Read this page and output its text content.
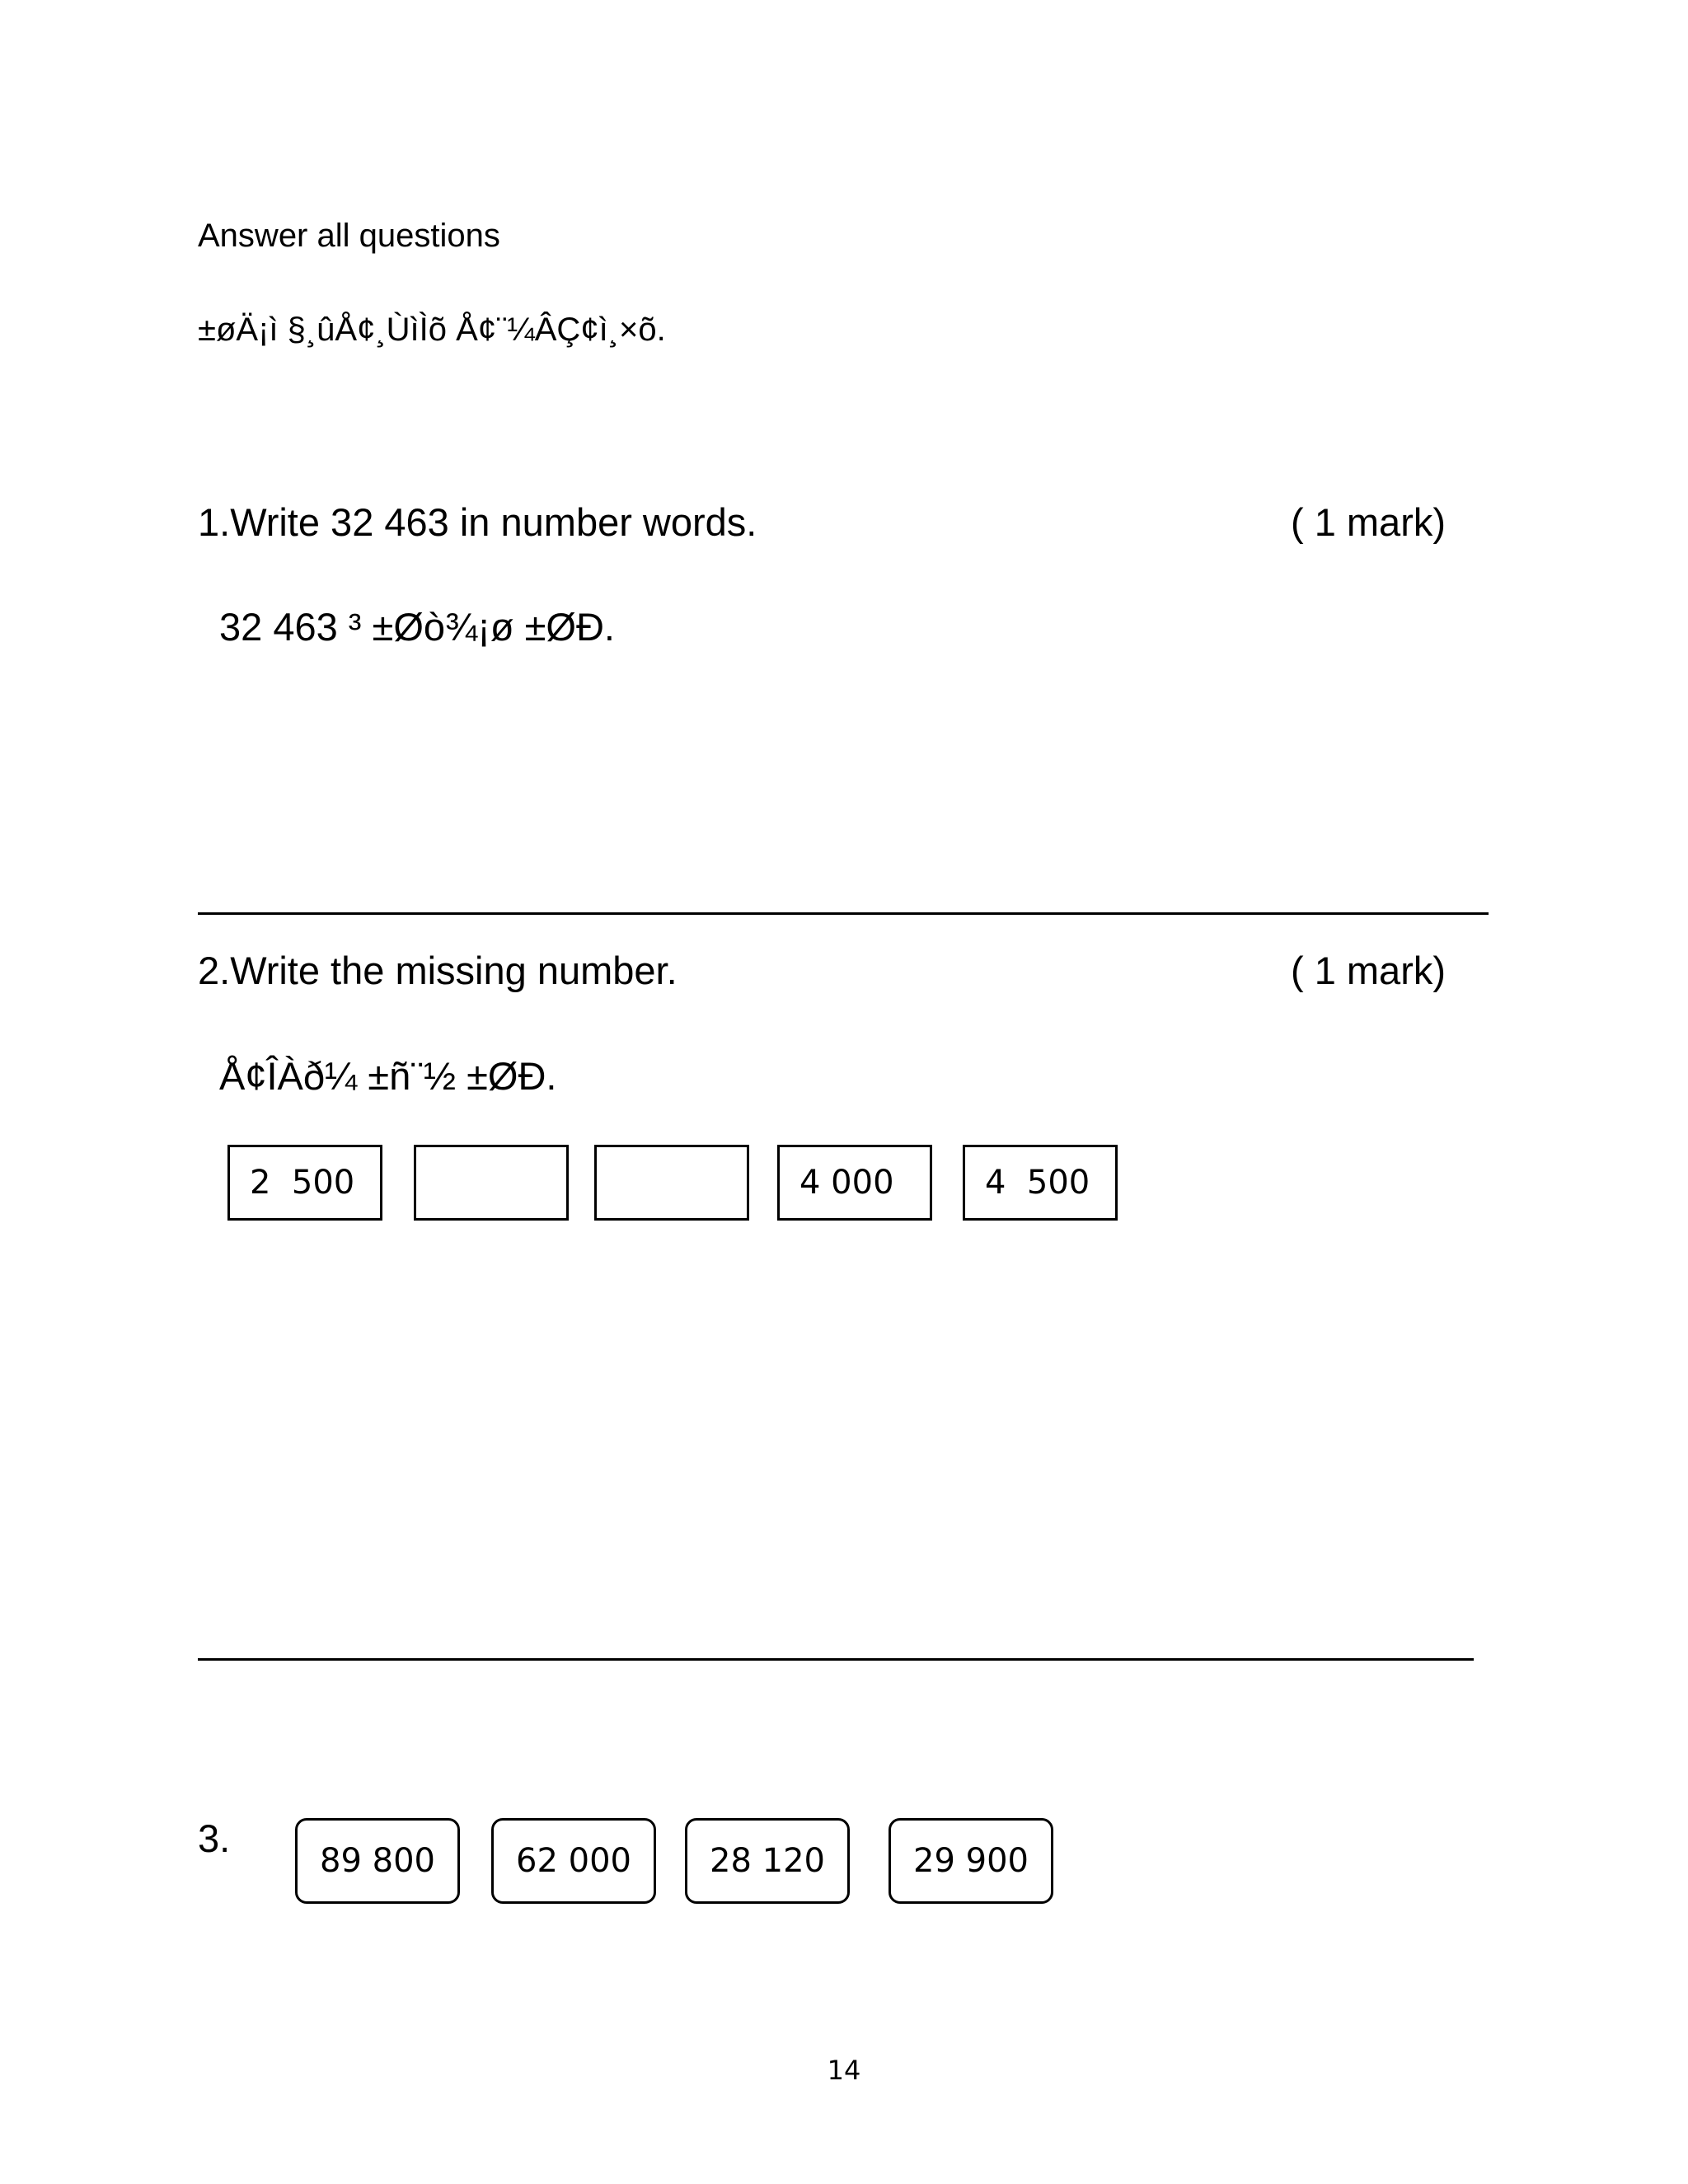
Answer all questions
±øÄ¡ì §¸ûÅ¢¸ÙìÌõ Å¢¨¼ÂÇ¢ì¸×õ.
1.Write 32 463 in number words.	( 1 mark)
32 463 ³ ±Øò¾¡ø ±ØÐ.
2.Write the missing number.	( 1 mark)
Å¢ÎÀð¼ ±ñ¨½ ±ØÐ.
2  500	4 000	4  500
3.
89 800	62 000	28 120	29 900
14
